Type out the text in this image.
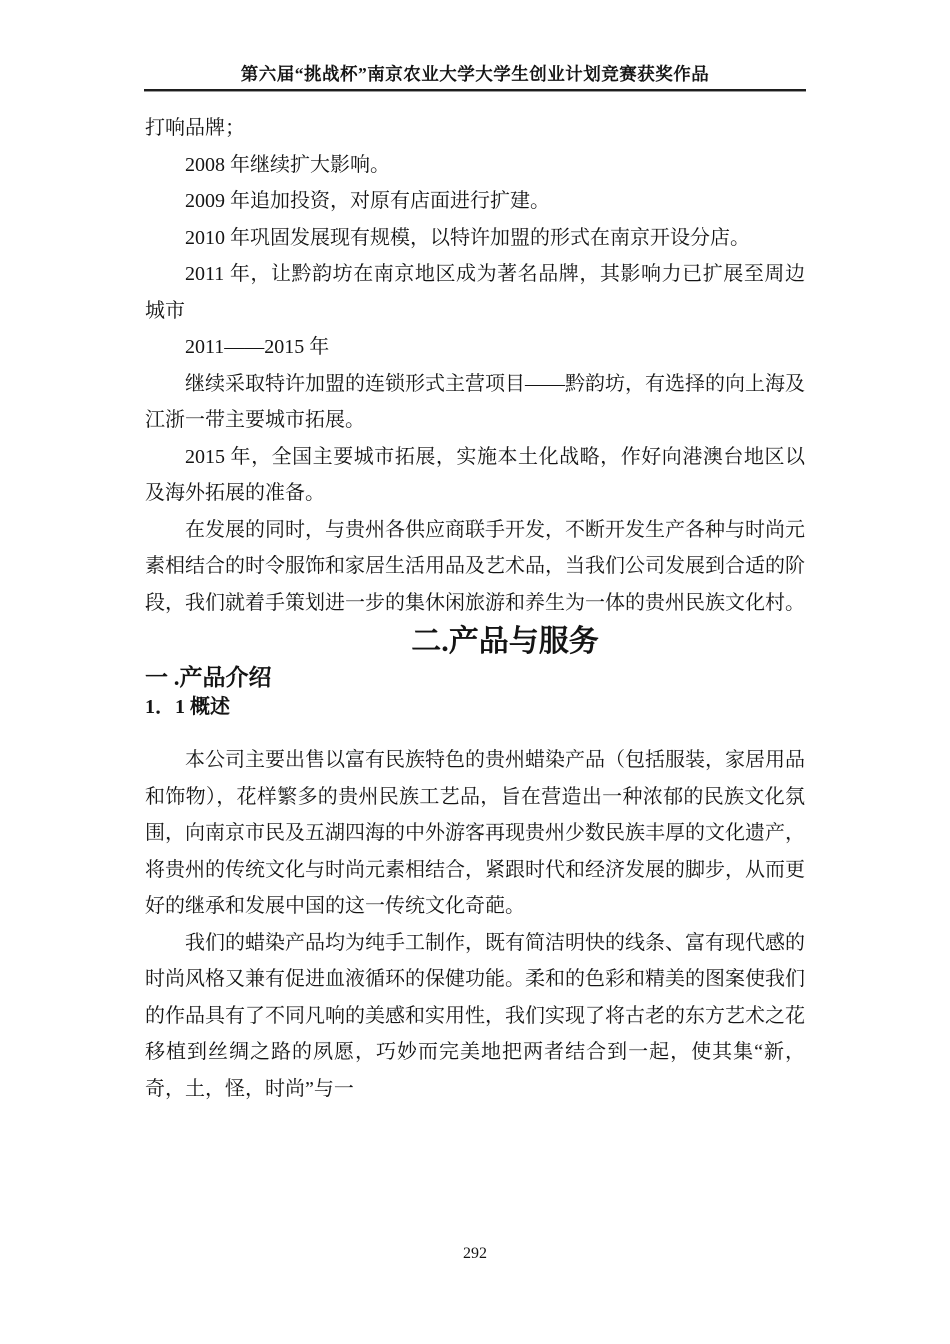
第六届“挑战杯”南京农业大学大学生创业计划竞赛获奖作品

打响品牌；

2008 年继续扩大影响。

2009 年追加投资，对原有店面进行扩建。

2010 年巩固发展现有规模，以特许加盟的形式在南京开设分店。

2011 年，让黔韵坊在南京地区成为著名品牌，其影响力已扩展至周边城市

2011——2015 年

继续采取特许加盟的连锁形式主营项目——黔韵坊，有选择的向上海及江浙一带主要城市拓展。

2015 年，全国主要城市拓展，实施本土化战略，作好向港澳台地区以及海外拓展的准备。

在发展的同时，与贵州各供应商联手开发，不断开发生产各种与时尚元素相结合的时令服饰和家居生活用品及艺术品，当我们公司发展到合适的阶段，我们就着手策划进一步的集休闲旅游和养生为一体的贵州民族文化村。

二.产品与服务

一 .产品介绍

1．1 概述

本公司主要出售以富有民族特色的贵州蜡染产品（包括服装，家居用品和饰物），花样繁多的贵州民族工艺品，旨在营造出一种浓郁的民族文化氛围，向南京市民及五湖四海的中外游客再现贵州少数民族丰厚的文化遗产，将贵州的传统文化与时尚元素相结合，紧跟时代和经济发展的脚步，从而更好的继承和发展中国的这一传统文化奇葩。

我们的蜡染产品均为纯手工制作，既有简洁明快的线条、富有现代感的时尚风格又兼有促进血液循环的保健功能。柔和的色彩和精美的图案使我们的作品具有了不同凡响的美感和实用性，我们实现了将古老的东方艺术之花移植到丝绸之路的夙愿，巧妙而完美地把两者结合到一起，使其集“新，奇，土，怪，时尚”与一

292
